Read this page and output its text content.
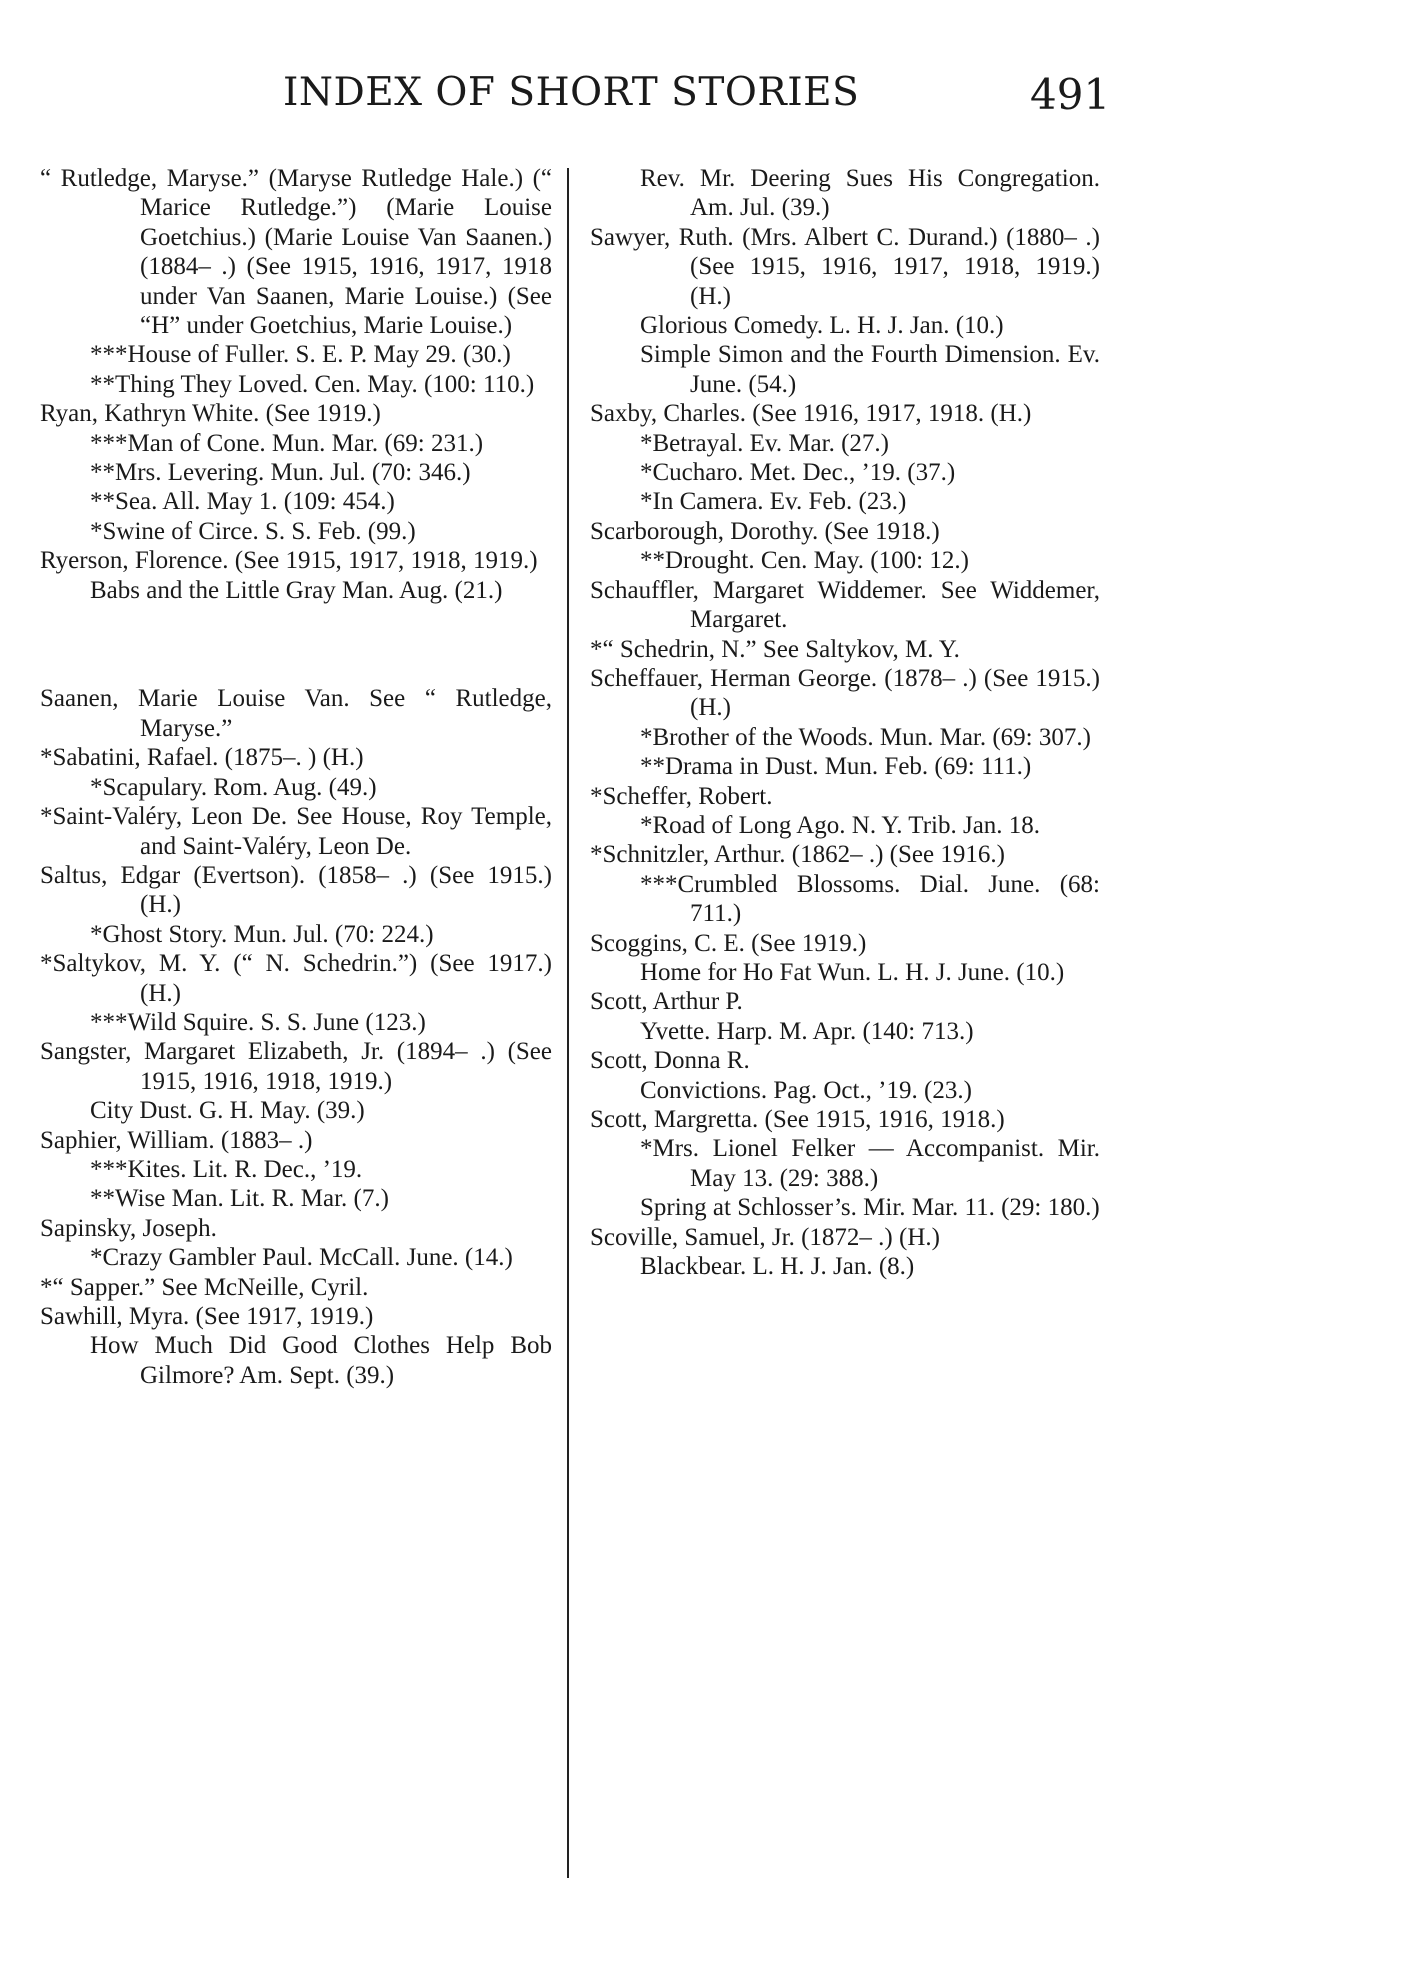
INDEX OF SHORT STORIES	491

“ Rutledge, Maryse.” (Maryse Rutledge Hale.) (“ Marice Rutledge.”) (Marie Louise Goetchius.) (Marie Louise Van Saanen.) (1884– .) (See 1915, 1916, 1917, 1918 under Van Saanen, Marie Louise.) (See “H” under Goetchius, Marie Louise.)

***House of Fuller. S. E. P. May 29. (30.)

**Thing They Loved. Cen. May. (100: 110.)

Ryan, Kathryn White. (See 1919.)

***Man of Cone. Mun. Mar. (69: 231.)

**Mrs. Levering. Mun. Jul. (70: 346.)

**Sea. All. May 1. (109: 454.)

*Swine of Circe. S. S. Feb. (99.)

Ryerson, Florence. (See 1915, 1917, 1918, 1919.)

Babs and the Little Gray Man. Aug. (21.)

Saanen, Marie Louise Van. See “ Rutledge, Maryse.”

*Sabatini, Rafael. (1875–. ) (H.)

*Scapulary. Rom. Aug. (49.)

*Saint-Valéry, Leon De. See House, Roy Temple, and Saint-Valéry, Leon De.

Saltus, Edgar (Evertson). (1858– .) (See 1915.) (H.)

*Ghost Story. Mun. Jul. (70: 224.)

*Saltykov, M. Y. (“ N. Schedrin.”) (See 1917.) (H.)

***Wild Squire. S. S. June (123.)

Sangster, Margaret Elizabeth, Jr. (1894– .) (See 1915, 1916, 1918, 1919.)

City Dust. G. H. May. (39.)

Saphier, William. (1883– .)

***Kites. Lit. R. Dec., ’19.

**Wise Man. Lit. R. Mar. (7.)

Sapinsky, Joseph.

*Crazy Gambler Paul. McCall. June. (14.)

*“ Sapper.” See McNeille, Cyril.

Sawhill, Myra. (See 1917, 1919.)

How Much Did Good Clothes Help Bob Gilmore? Am. Sept. (39.)

Rev. Mr. Deering Sues His Congregation. Am. Jul. (39.)

Sawyer, Ruth. (Mrs. Albert C. Durand.) (1880– .) (See 1915, 1916, 1917, 1918, 1919.) (H.)

Glorious Comedy. L. H. J. Jan. (10.)

Simple Simon and the Fourth Dimension. Ev. June. (54.)

Saxby, Charles. (See 1916, 1917, 1918. (H.)

*Betrayal. Ev. Mar. (27.)

*Cucharo. Met. Dec., ’19. (37.)

*In Camera. Ev. Feb. (23.)

Scarborough, Dorothy. (See 1918.)

**Drought. Cen. May. (100: 12.)

Schauffler, Margaret Widdemer. See Widdemer, Margaret.

*“ Schedrin, N.” See Saltykov, M. Y.

Scheffauer, Herman George. (1878– .) (See 1915.) (H.)

*Brother of the Woods. Mun. Mar. (69: 307.)

**Drama in Dust. Mun. Feb. (69: 111.)

*Scheffer, Robert.

*Road of Long Ago. N. Y. Trib. Jan. 18.

*Schnitzler, Arthur. (1862– .) (See 1916.)

***Crumbled Blossoms. Dial. June. (68: 711.)

Scoggins, C. E. (See 1919.)

Home for Ho Fat Wun. L. H. J. June. (10.)

Scott, Arthur P.

Yvette. Harp. M. Apr. (140: 713.)

Scott, Donna R.

Convictions. Pag. Oct., ’19. (23.)

Scott, Margretta. (See 1915, 1916, 1918.)

*Mrs. Lionel Felker — Accompanist. Mir. May 13. (29: 388.)

Spring at Schlosser’s. Mir. Mar. 11. (29: 180.)

Scoville, Samuel, Jr. (1872– .) (H.)

Blackbear. L. H. J. Jan. (8.)
